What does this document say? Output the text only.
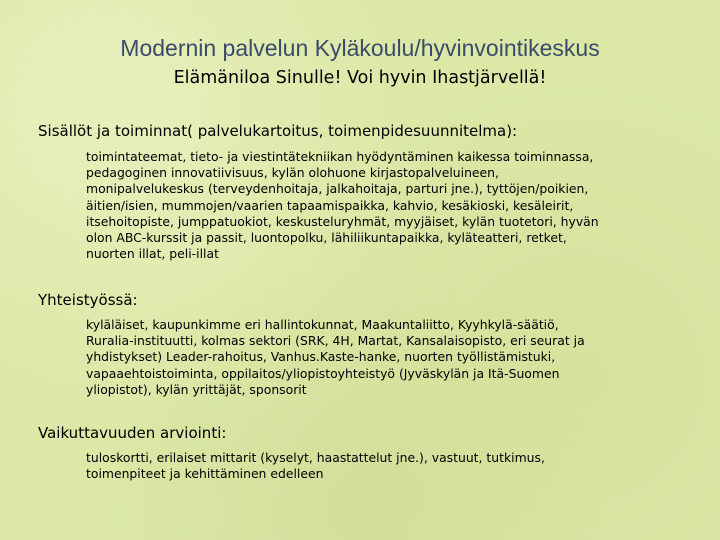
Modernin palvelun Kyläkoulu/hyvinvointikeskus
Elämäniloa Sinulle! Voi hyvin Ihastjärvellä!
Sisällöt ja toiminnat( palvelukartoitus, toimenpidesuunnitelma):
toimintateemat, tieto- ja viestintätekniikan hyödyntäminen kaikessa toiminnassa,
pedagoginen innovatiivisuus, kylän olohuone kirjastopalveluineen,
monipalvelukeskus (terveydenhoitaja, jalkahoitaja, parturi jne.), tyttöjen/poikien,
äitien/isien, mummojen/vaarien tapaamispaikka, kahvio, kesäkioski, kesäleirit,
itsehoitopiste, jumppatuokiot, keskusteluryhmät, myyjäiset, kylän tuotetori, hyvän
olon ABC-kurssit ja passit, luontopolku, lähiliikuntapaikka, kyläteatteri, retket,
nuorten illat, peli-illat
Yhteistyössä:
kyläläiset, kaupunkimme eri hallintokunnat, Maakuntaliitto, Kyyhkylä-säätiö,
Ruralia-instituutti, kolmas sektori (SRK, 4H, Martat, Kansalaisopisto, eri seurat ja
yhdistykset) Leader-rahoitus, Vanhus.Kaste-hanke, nuorten työllistämistuki,
vapaaehtoistoiminta, oppilaitos/yliopistoyhteistyö (Jyväskylän ja Itä-Suomen
yliopistot), kylän yrittäjät, sponsorit
Vaikuttavuuden arviointi:
tuloskortti, erilaiset mittarit (kyselyt, haastattelut jne.), vastuut, tutkimus,
toimenpiteet ja kehittäminen edelleen
